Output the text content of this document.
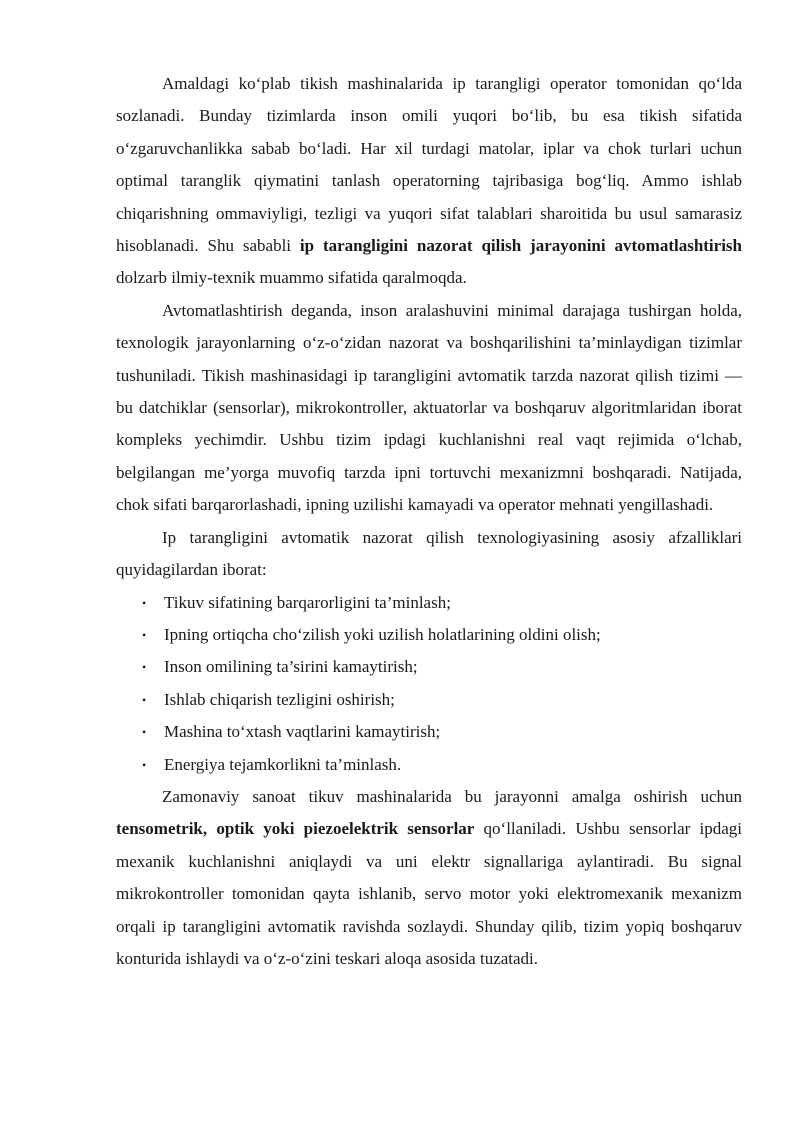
Amaldagi ko‘plab tikish mashinalarida ip tarangligi operator tomonidan qo‘lda sozlanadi. Bunday tizimlarda inson omili yuqori bo‘lib, bu esa tikish sifatida o‘zgaruvchanlikka sabab bo‘ladi. Har xil turdagi matolar, iplar va chok turlari uchun optimal taranglik qiymatini tanlash operatorning tajribasiga bog‘liq. Ammo ishlab chiqarishning ommaviyligi, tezligi va yuqori sifat talablari sharoitida bu usul samarasiz hisoblanadi. Shu sababli ip tarangligini nazorat qilish jarayonini avtomatlashtirish dolzarb ilmiy-texnik muammo sifatida qaralmoqda.

Avtomatlashtirish deganda, inson aralashuvini minimal darajaga tushirgan holda, texnologik jarayonlarning o‘z-o‘zidan nazorat va boshqarilishini ta’minlaydigan tizimlar tushuniladi. Tikish mashinasidagi ip tarangligini avtomatik tarzda nazorat qilish tizimi — bu datchiklar (sensorlar), mikrokontroller, aktuatorlar va boshqaruv algoritmlaridan iborat kompleks yechimdir. Ushbu tizim ipdagi kuchlanishni real vaqt rejimida o‘lchab, belgilangan me’yorga muvofiq tarzda ipni tortuvchi mexanizmni boshqaradi. Natijada, chok sifati barqarorlashadi, ipning uzilishi kamayadi va operator mehnati yengillashadi.

Ip tarangligini avtomatik nazorat qilish texnologiyasining asosiy afzalliklari quyidagilardan iborat:

• Tikuv sifatining barqarorligini ta’minlash;
• Ipning ortiqcha cho‘zilish yoki uzilish holatlarining oldini olish;
• Inson omilining ta’sirini kamaytirish;
• Ishlab chiqarish tezligini oshirish;
• Mashina to‘xtash vaqtlarini kamaytirish;
• Energiya tejamkorlikni ta’minlash.

Zamonaviy sanoat tikuv mashinalarida bu jarayonni amalga oshirish uchun tensometrik, optik yoki piezoelektrik sensorlar qo‘llaniladi. Ushbu sensorlar ipdagi mexanik kuchlanishni aniqlaydi va uni elektr signallariga aylantiradi. Bu signal mikrokontroller tomonidan qayta ishlanib, servo motor yoki elektromexanik mexanizm orqali ip tarangligini avtomatik ravishda sozlaydi. Shunday qilib, tizim yopiq boshqaruv konturida ishlaydi va o‘z-o‘zini teskari aloqa asosida tuzatadi.
